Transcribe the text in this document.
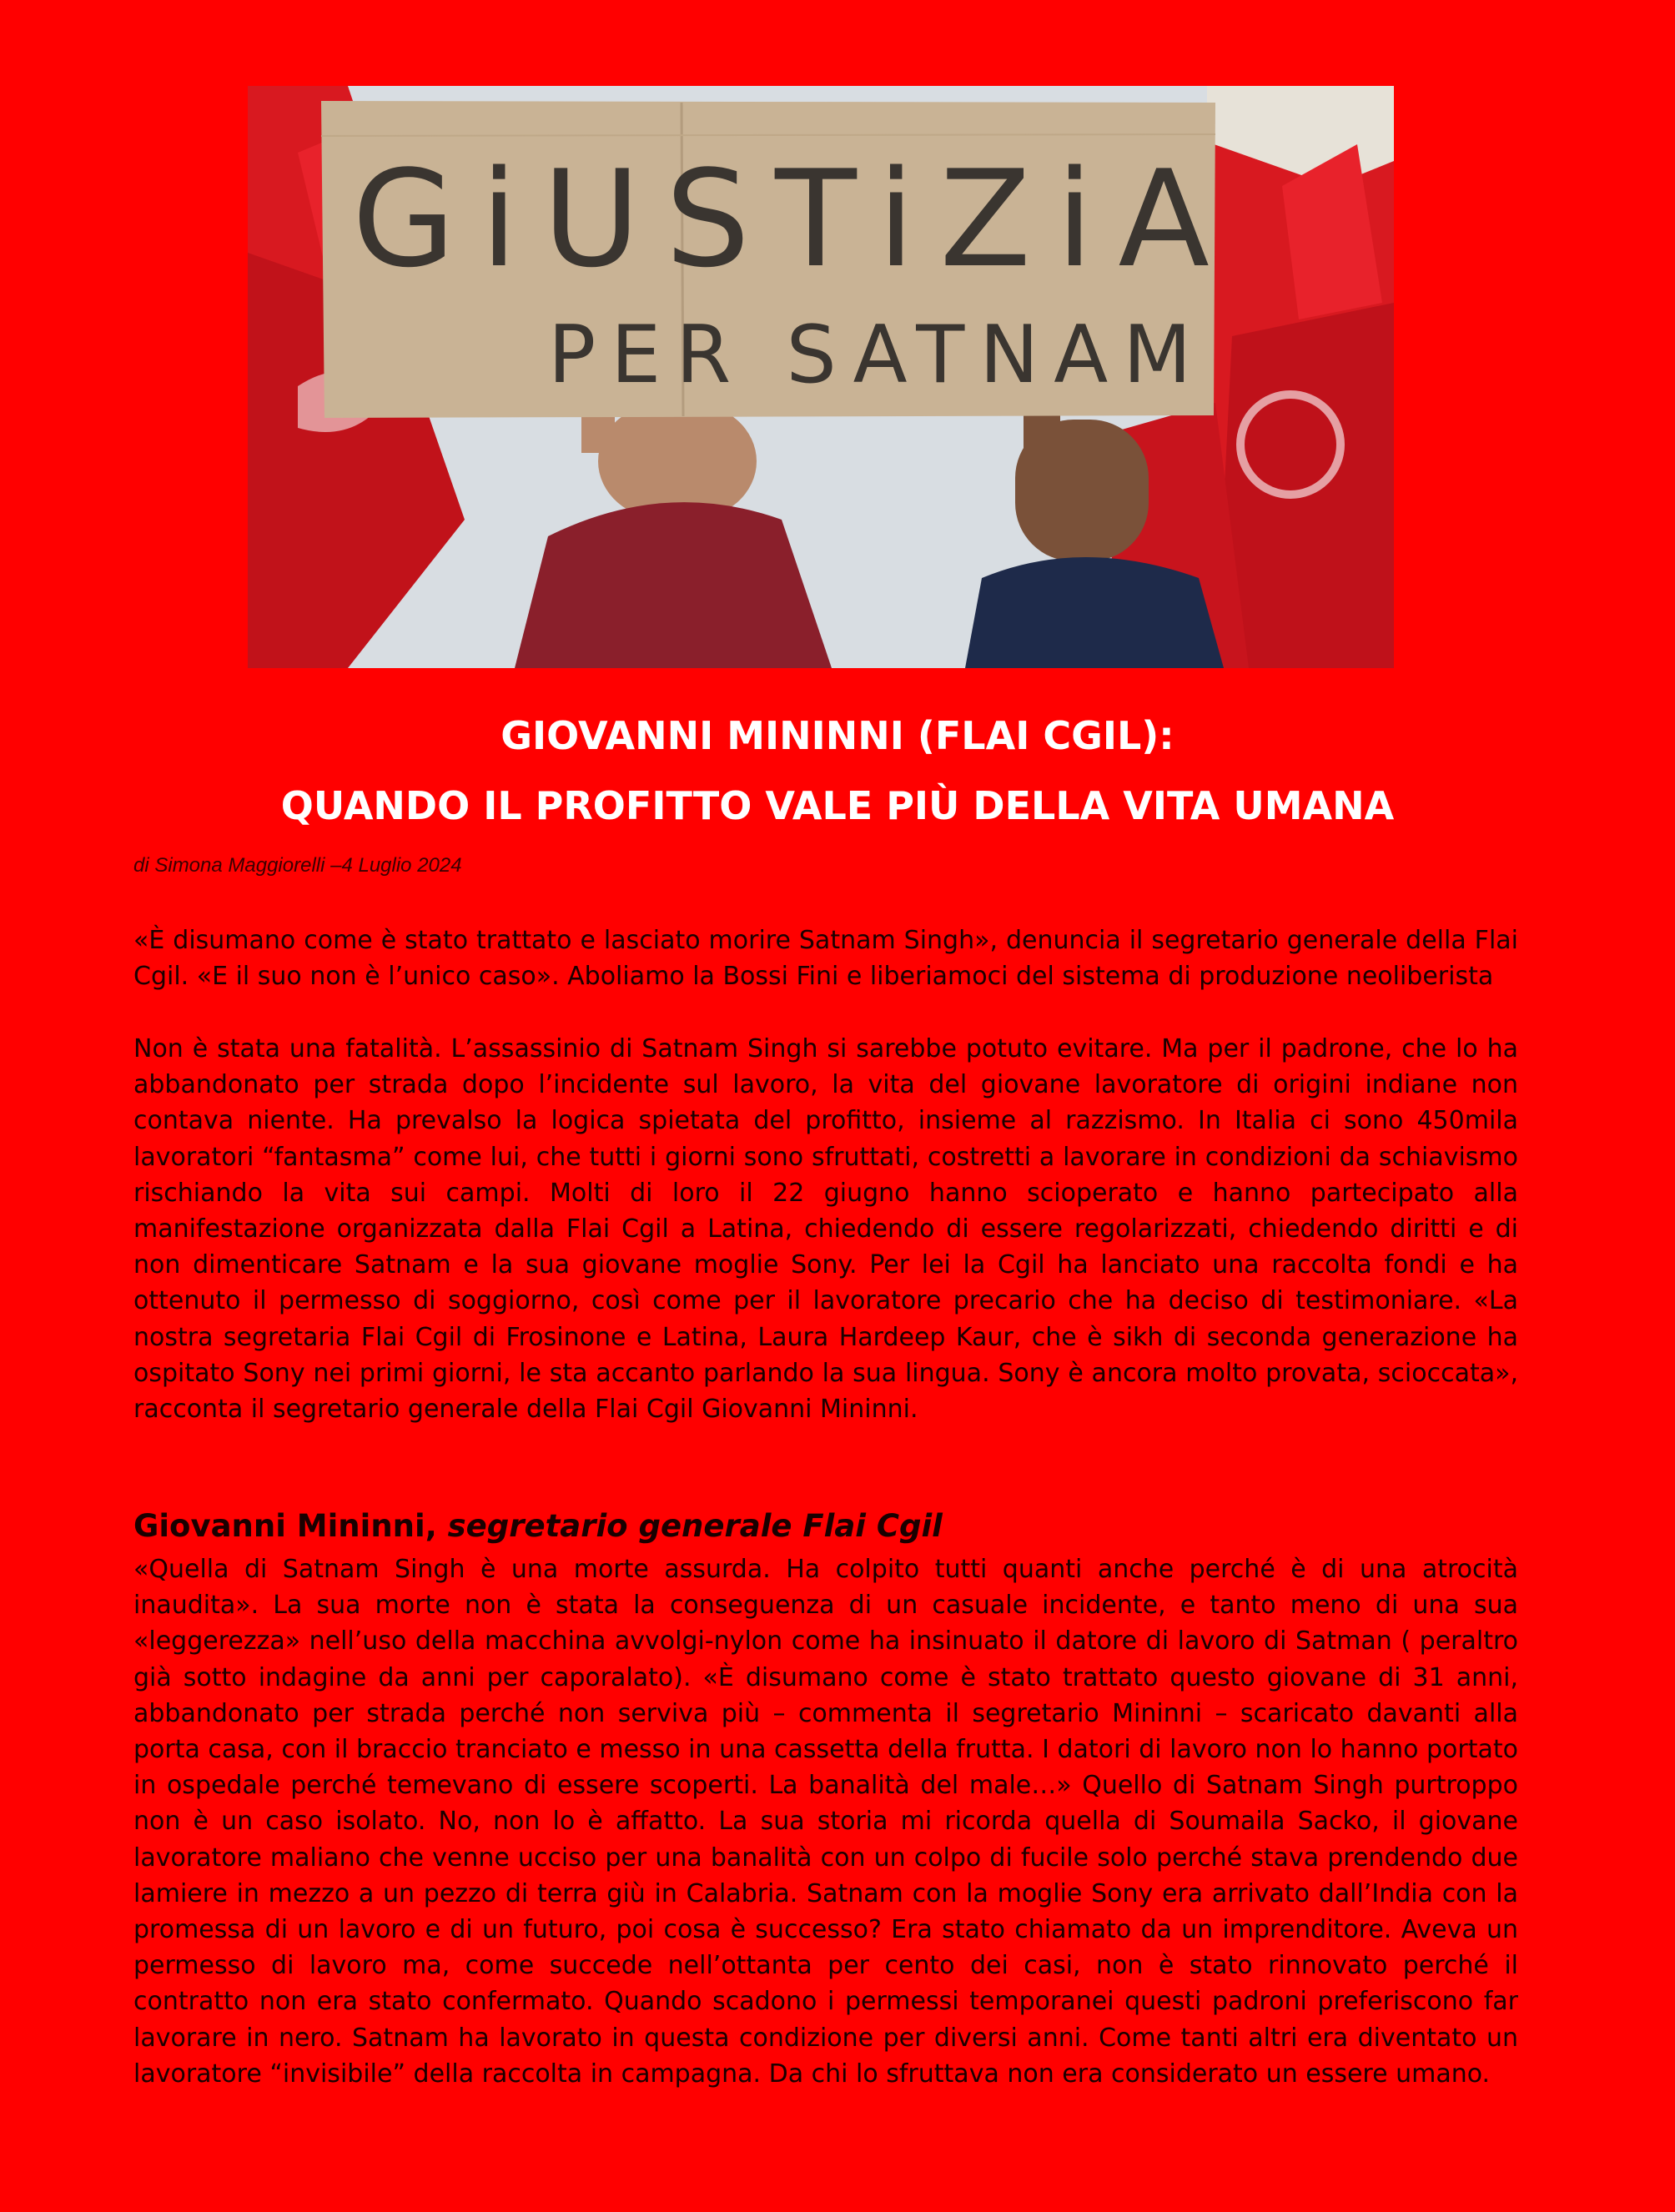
GiUSTiZiA
PER SATNAM
GIOVANNI MININNI (FLAI CGIL):
QUANDO IL PROFITTO VALE PIÙ DELLA VITA UMANA

di Simona Maggiorelli –4 Luglio 2024

«È disumano come è stato trattato e lasciato morire Satnam Singh», denuncia il segretario generale della Flai Cgil. «E il suo non è l’unico caso». Aboliamo la Bossi Fini e liberiamoci del sistema di produzione neoliberista

Non è stata una fatalità. L’assassinio di Satnam Singh si sarebbe potuto evitare. Ma per il padrone, che lo ha abbandonato per strada dopo l’incidente sul lavoro, la vita del giovane lavoratore di origini indiane non contava niente. Ha prevalso la logica spietata del profitto, insieme al razzismo. In Italia ci sono 450mila lavoratori “fantasma” come lui, che tutti i giorni sono sfruttati, costretti a lavorare in condizioni da schiavismo rischiando la vita sui campi. Molti di loro il 22 giugno hanno scioperato e hanno partecipato alla manifestazione organizzata dalla Flai Cgil a Latina, chiedendo di essere regolarizzati, chiedendo diritti e di non dimenticare Satnam e la sua giovane moglie Sony. Per lei la Cgil ha lanciato una raccolta fondi e ha ottenuto il permesso di soggiorno, così come per il lavoratore precario che ha deciso di testimoniare. «La nostra segretaria Flai Cgil di Frosinone e Latina, Laura Hardeep Kaur, che è sikh di seconda generazione ha ospitato Sony nei primi giorni, le sta accanto parlando la sua lingua. Sony è ancora molto provata, scioccata», racconta il segretario generale della Flai Cgil Giovanni Mininni.

Giovanni Mininni, segretario generale Flai Cgil

«Quella di Satnam Singh è una morte assurda. Ha colpito tutti quanti anche perché è di una atrocità inaudita». La sua morte non è stata la conseguenza di un casuale incidente, e tanto meno di una sua «leggerezza» nell’uso della macchina avvolgi-nylon come ha insinuato il datore di lavoro di Satman ( peraltro già sotto indagine da anni per caporalato). «È disumano come è stato trattato questo giovane di 31 anni, abbandonato per strada perché non serviva più – commenta il segretario Mininni – scaricato davanti alla porta casa, con il braccio tranciato e messo in una cassetta della frutta. I datori di lavoro non lo hanno portato in ospedale perché temevano di essere scoperti. La banalità del male…» Quello di Satnam Singh purtroppo non è un caso isolato. No, non lo è affatto. La sua storia mi ricorda quella di Soumaila Sacko, il giovane lavoratore maliano che venne ucciso per una banalità con un colpo di fucile solo perché stava prendendo due lamiere in mezzo a un pezzo di terra giù in Calabria. Satnam con la moglie Sony era arrivato dall’India con la promessa di un lavoro e di un futuro, poi cosa è successo? Era stato chiamato da un imprenditore. Aveva un permesso di lavoro ma, come succede nell’ottanta per cento dei casi, non è stato rinnovato perché il contratto non era stato confermato. Quando scadono i permessi temporanei questi padroni preferiscono far lavorare in nero. Satnam ha lavorato in questa condizione per diversi anni. Come tanti altri era diventato un lavoratore “invisibile” della raccolta in campagna. Da chi lo sfruttava non era considerato un essere umano.
